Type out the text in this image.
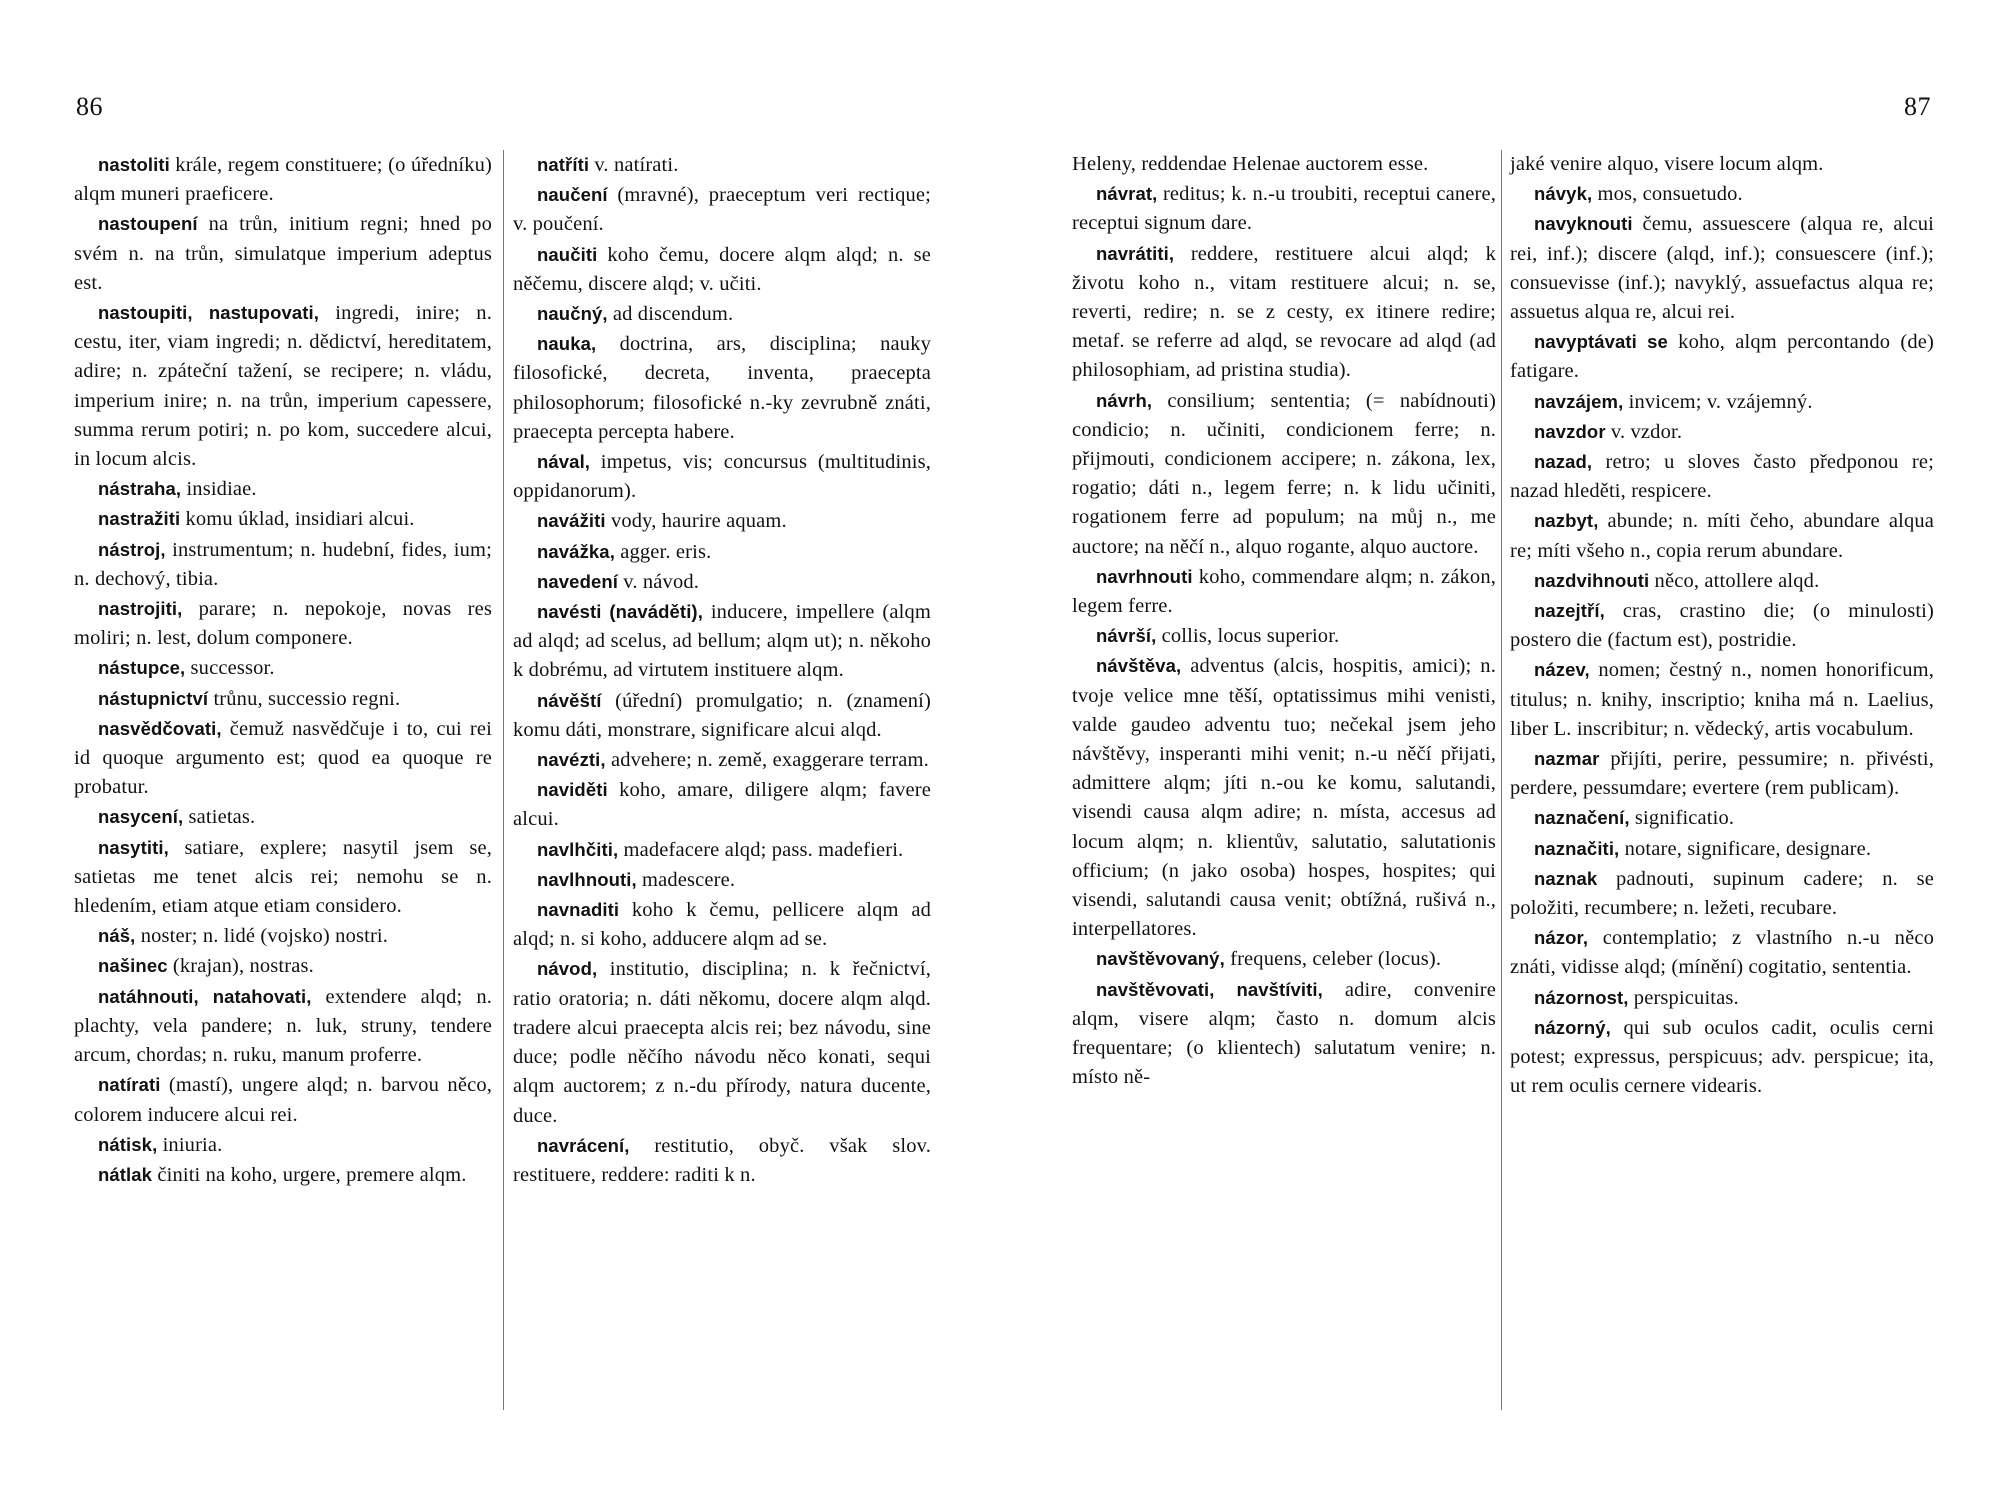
86

nastoliti krále, regem constituere; (o úředníku) alqm muneri praeficere.

nastoupení na trůn, initium regni; hned po svém n. na trůn, simulatque imperium adeptus est.

nastoupiti, nastupovati, ingredi, inire; n. cestu, iter, viam ingredi; n. dědictví, hereditatem, adire; n. zpáteční tažení, se recipere; n. vládu, imperium inire; n. na trůn, imperium capessere, summa rerum potiri; n. po kom, succedere alcui, in locum alcis.

nástraha, insidiae.

nastražiti komu úklad, insidiari alcui.

nástroj, instrumentum; n. hudební, fides, ium; n. dechový, tibia.

nastrojiti, parare; n. nepokoje, novas res moliri; n. lest, dolum componere.

nástupce, successor.

nástupnictví trůnu, successio regni.

nasvědčovati, čemuž nasvědčuje i to, cui rei id quoque argumento est; quod ea quoque re probatur.

nasycení, satietas.

nasytiti, satiare, explere; nasytil jsem se, satietas me tenet alcis rei; nemohu se n. hledením, etiam atque etiam considero.

náš, noster; n. lidé (vojsko) nostri.

našinec (krajan), nostras.

natáhnouti, natahovati, extendere alqd; n. plachty, vela pandere; n. luk, struny, tendere arcum, chordas; n. ruku, manum proferre.

natírati (mastí), ungere alqd; n. barvou něco, colorem inducere alcui rei.

nátisk, iniuria.

nátlak činiti na koho, urgere, premere alqm.

natříti v. natírati.

naučení (mravné), praeceptum veri rectique; v. poučení.

naučiti koho čemu, docere alqm alqd; n. se něčemu, discere alqd; v. učiti.

naučný, ad discendum.

nauka, doctrina, ars, disciplina; nauky filosofické, decreta, inventa, praecepta philosophorum; filosofické n.-ky zevrubně znáti, praecepta percepta habere.

nával, impetus, vis; concursus (multitudinis, oppidanorum).

navážiti vody, haurire aquam.

navážka, agger. eris.

navedení v. návod.

navésti (naváděti), inducere, impellere (alqm ad alqd; ad scelus, ad bellum; alqm ut); n. někoho k dobrému, ad virtutem instituere alqm.

návěští (úřední) promulgatio; n. (znamení) komu dáti, monstrare, significare alcui alqd.

navézti, advehere; n. země, exaggerare terram.

naviděti koho, amare, diligere alqm; favere alcui.

navlhčiti, madefacere alqd; pass. madefieri.

navlhnouti, madescere.

navnaditi koho k čemu, pellicere alqm ad alqd; n. si koho, adducere alqm ad se.

návod, institutio, disciplina; n. k řečnictví, ratio oratoria; n. dáti někomu, docere alqm alqd. tradere alcui praecepta alcis rei; bez návodu, sine duce; podle něčího návodu něco konati, sequi alqm auctorem; z n.-du přírody, natura ducente, duce.

navrácení, restitutio, obyč. však slov. restituere, reddere: raditi k n.

87

Heleny, reddendae Helenae auctorem esse.

návrat, reditus; k. n.-u troubiti, receptui canere, receptui signum dare.

navrátiti, reddere, restituere alcui alqd; k životu koho n., vitam restituere alcui; n. se, reverti, redire; n. se z cesty, ex itinere redire; metaf. se referre ad alqd, se revocare ad alqd (ad philosophiam, ad pristina studia).

návrh, consilium; sententia; (= nabídnouti) condicio; n. učiniti, condicionem ferre; n. přijmouti, condicionem accipere; n. zákona, lex, rogatio; dáti n., legem ferre; n. k lidu učiniti, rogationem ferre ad populum; na můj n., me auctore; na něčí n., alquo rogante, alquo auctore.

navrhnouti koho, commendare alqm; n. zákon, legem ferre.

návrší, collis, locus superior.

návštěva, adventus (alcis, hospitis, amici); n. tvoje velice mne těší, optatissimus mihi venisti, valde gaudeo adventu tuo; nečekal jsem jeho návštěvy, insperanti mihi venit; n.-u něčí přijati, admittere alqm; jíti n.-ou ke komu, salutandi, visendi causa alqm adire; n. místa, accesus ad locum alqm; n. klientův, salutatio, salutationis officium; (n jako osoba) hospes, hospites; qui visendi, salutandi causa venit; obtížná, rušivá n., interpellatores.

navštěvovaný, frequens, celeber (locus).

navštěvovati, navštíviti, adire, convenire alqm, visere alqm; často n. domum alcis frequentare; (o klientech) salutatum venire; n. místo ně-

jaké venire alquo, visere locum alqm.

návyk, mos, consuetudo.

navyknouti čemu, assuescere (alqua re, alcui rei, inf.); discere (alqd, inf.); consuescere (inf.); consuevisse (inf.); navyklý, assuefactus alqua re; assuetus alqua re, alcui rei.

navyptávati se koho, alqm percontando (de) fatigare.

navzájem, invicem; v. vzájemný.

navzdor v. vzdor.

nazad, retro; u sloves často předponou re; nazad hleděti, respicere.

nazbyt, abunde; n. míti čeho, abundare alqua re; míti všeho n., copia rerum abundare.

nazdvihnouti něco, attollere alqd.

nazejtří, cras, crastino die; (o minulosti) postero die (factum est), postridie.

název, nomen; čestný n., nomen honorificum, titulus; n. knihy, inscriptio; kniha má n. Laelius, liber L. inscribitur; n. vědecký, artis vocabulum.

nazmar přijíti, perire, pessumire; n. přivésti, perdere, pessumdare; evertere (rem publicam).

naznačení, significatio.

naznačiti, notare, significare, designare.

naznak padnouti, supinum cadere; n. se položiti, recumbere; n. ležeti, recubare.

názor, contemplatio; z vlastního n.-u něco znáti, vidisse alqd; (mínění) cogitatio, sententia.

názornost, perspicuitas.

názorný, qui sub oculos cadit, oculis cerni potest; expressus, perspicuus; adv. perspicue; ita, ut rem oculis cernere videaris.
